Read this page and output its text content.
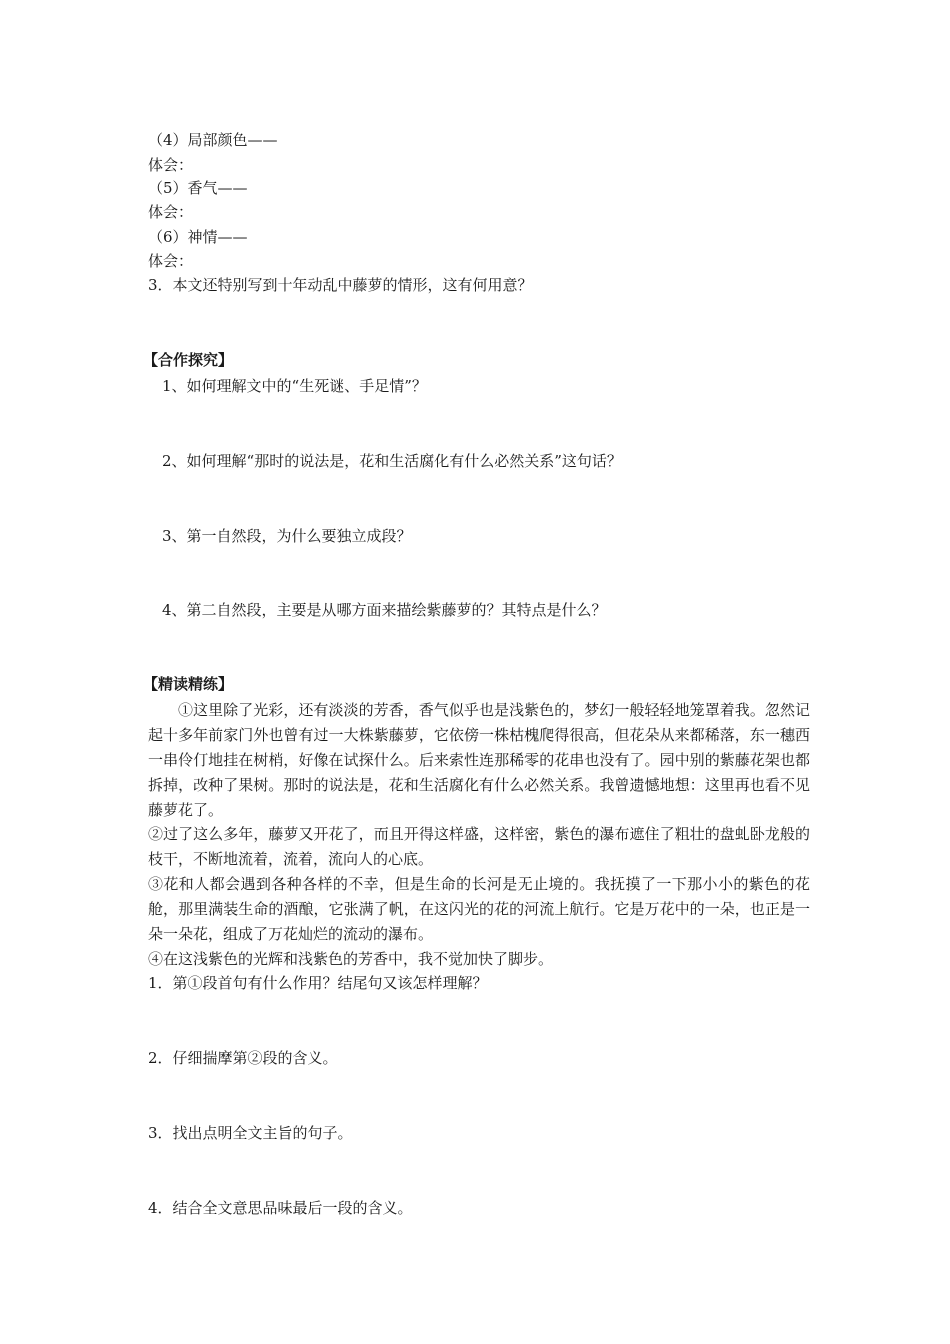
（4）局部颜色——
体会：
（5）香气——
体会：
（6）神情——
体会：
3．本文还特别写到十年动乱中藤萝的情形，这有何用意？
【合作探究】
1、如何理解文中的“生死谜、手足情”？
2、如何理解“那时的说法是，花和生活腐化有什么必然关系”这句话？
3、第一自然段，为什么要独立成段？
4、第二自然段，主要是从哪方面来描绘紫藤萝的？其特点是什么？
【精读精练】
①这里除了光彩，还有淡淡的芳香，香气似乎也是浅紫色的，梦幻一般轻轻地笼罩着我。忽然记起十多年前家门外也曾有过一大株紫藤萝，它依傍一株枯槐爬得很高，但花朵从来都稀落，东一穗西一串伶仃地挂在树梢，好像在试探什么。后来索性连那稀零的花串也没有了。园中别的紫藤花架也都拆掉，改种了果树。那时的说法是，花和生活腐化有什么必然关系。我曾遗憾地想：这里再也看不见藤萝花了。
②过了这么多年，藤萝又开花了，而且开得这样盛，这样密，紫色的瀑布遮住了粗壮的盘虬卧龙般的枝干，不断地流着，流着，流向人的心底。
③花和人都会遇到各种各样的不幸，但是生命的长河是无止境的。我抚摸了一下那小小的紫色的花舱，那里满装生命的酒酿，它张满了帆，在这闪光的花的河流上航行。它是万花中的一朵，也正是一朵一朵花，组成了万花灿烂的流动的瀑布。
④在这浅紫色的光辉和浅紫色的芳香中，我不觉加快了脚步。
1．第①段首句有什么作用？结尾句又该怎样理解？
2．仔细揣摩第②段的含义。
3．找出点明全文主旨的句子。
4．结合全文意思品味最后一段的含义。
